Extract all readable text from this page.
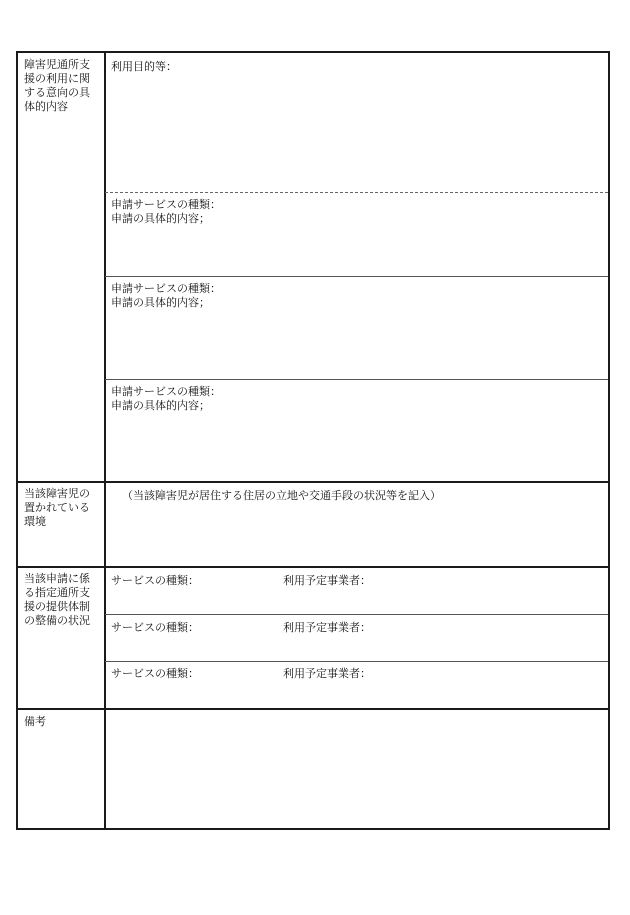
障害児通所支援の利用に関する意向の具体的内容
利用目的等：
申請サービスの種類：
申請の具体的内容；
申請サービスの種類：
申請の具体的内容；
申請サービスの種類：
申請の具体的内容；
当該障害児の置かれている環境
（当該障害児が居住する住居の立地や交通手段の状況等を記入）
当該申請に係る指定通所支援の提供体制の整備の状況
サービスの種類：	利用予定事業者：
サービスの種類：	利用予定事業者：
サービスの種類：	利用予定事業者：
備考
